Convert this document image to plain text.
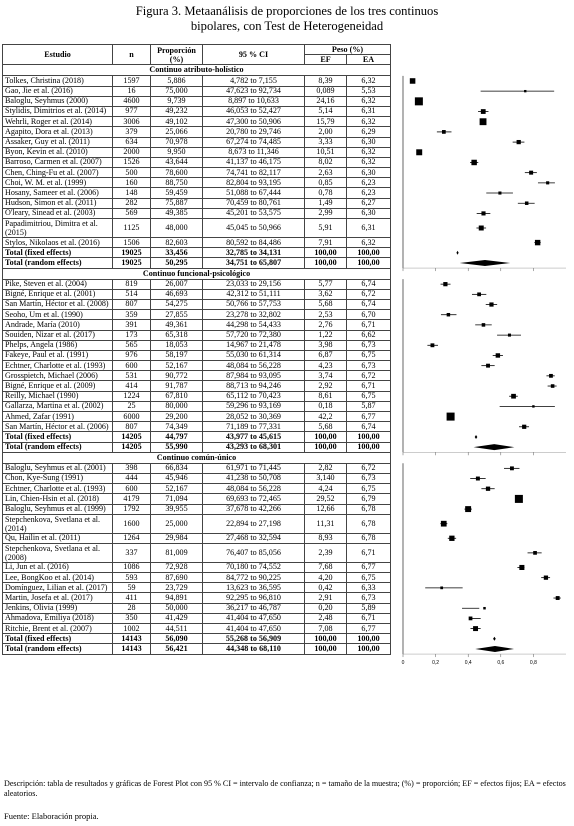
Figura 3. Metaanálisis de proporciones de los tres continuos
bipolares, con Test de Heterogeneidad
Estudio	n	Proporción (%)	95 % CI	Peso (%)	
				EF	EA
Continuo atributo-holístico					
Tolkes, Christina (2018)	1597	5,886	4,782 to 7,155	8,39	6,32
Gao, Jie et al. (2016)	16	75,000	47,623 to 92,734	0,089	5,53
Baloglu, Seyhmus (2000)	4600	9,739	8,897 to 10,633	24,16	6,32
Stylidis, Dimitrios et al. (2014)	977	49,232	46,053 to 52,427	5,14	6,31
Wehrli, Roger et al. (2014)	3006	49,102	47,300 to 50,906	15,79	6,32
Agapito, Dora et al. (2013)	379	25,066	20,780 to 29,746	2,00	6,29
Assaker, Guy et al. (2011)	634	70,978	67,274 to 74,485	3,33	6,30
Byon, Kevin et al. (2010)	2000	9,950	8,673 to 11,346	10,51	6,32
Barroso, Carmen et al. (2007)	1526	43,644	41,137 to 46,175	8,02	6,32
Chen, Ching-Fu et al. (2007)	500	78,600	74,741 to 82,117	2,63	6,30
Choi, W. M. et al. (1999)	160	88,750	82,804 to 93,195	0,85	6,23
Hosany, Sameer et al. (2006)	148	59,459	51,088 to 67,444	0,78	6,23
Hudson, Simon et al. (2011)	282	75,887	70,459 to 80,761	1,49	6,27
O'leary, Sinead et al. (2003)	569	49,385	45,201 to 53,575	2,99	6,30
Papadimitriou, Dimitra et al. (2015)	1125	48,000	45,045 to 50,966	5,91	6,31
Stylos, Nikolaos et al. (2016)	1506	82,603	80,592 to 84,486	7,91	6,32
Total (fixed effects)	19025	33,456	32,785 to 34,131	100,00	100,00
Total (random effects)	19025	50,295	34,751 to 65,807	100,00	100,00
Continuo funcional-psicológico					
Pike, Steven et al. (2004)	819	26,007	23,033 to 29,156	5,77	6,74
Bigné, Enrique et al. (2001)	514	46,693	42,312 to 51,111	3,62	6,72
San Martín, Héctor et al. (2008)	807	54,275	50,766 to 57,753	5,68	6,74
Seoho, Um et al. (1990)	359	27,855	23,278 to 32,802	2,53	6,70
Andrade, María (2010)	391	49,361	44,298 to 54,433	2,76	6,71
Souiden, Nizar et al. (2017)	173	65,318	57,720 to 72,380	1,22	6,62
Phelps, Angela (1986)	565	18,053	14,967 to 21,478	3,98	6,73
Fakeye, Paul et al. (1991)	976	58,197	55,030 to 61,314	6,87	6,75
Echtner, Charlotte et al. (1993)	600	52,167	48,084 to 56,228	4,23	6,73
Grosspietch, Michael (2006)	531	90,772	87,984 to 93,095	3,74	6,72
Bigné, Enrique et al. (2009)	414	91,787	88,713 to 94,246	2,92	6,71
Reilly, Michael (1990)	1224	67,810	65,112 to 70,423	8,61	6,75
Gallarza, Martina et al. (2002)	25	80,000	59,296 to 93,169	0,18	5,87
Ahmed, Zafar (1991)	6000	29,200	28,052 to 30,369	42,2	6,77
San Martín, Héctor et al. (2006)	807	74,349	71,189 to 77,331	5,68	6,74
Total (fixed effects)	14205	44,797	43,977 to 45,615	100,00	100,00
Total (random effects)	14205	55,990	43,293 to 68,301	100,00	100,00
Continuo común-único					
Baloglu, Seyhmus et al. (2001)	398	66,834	61,971 to 71,445	2,82	6,72
Chon, Kye-Sung (1991)	444	45,946	41,238 to 50,708	3,140	6,73
Echtner, Charlotte et al. (1993)	600	52,167	48,084 to 56,228	4,24	6,75
Lin, Chien-Hsin et al. (2018)	4179	71,094	69,693 to 72,465	29,52	6,79
Baloglu, Seyhmus et al. (1999)	1792	39,955	37,678 to 42,266	12,66	6,78
Stepchenkova, Svetlana et al. (2014)	1600	25,000	22,894 to 27,198	11,31	6,78
Qu, Hailin et al. (2011)	1264	29,984	27,468 to 32,594	8,93	6,78
Stepchenkova, Svetlana et al. (2008)	337	81,009	76,407 to 85,056	2,39	6,71
Li, Jun et al. (2016)	1086	72,928	70,180 to 74,552	7,68	6,77
Lee, BongKoo et al. (2014)	593	87,690	84,772 to 90,225	4,20	6,75
Domínguez, Lilian et al. (2017)	59	23,729	13,623 to 36,595	0,42	6,33
Martin, Josefa et al. (2017)	411	94,891	92,295 to 96,810	2,91	6,73
Jenkins, Olivia (1999)	28	50,000	36,217 to 46,787	0,20	5,89
Ahmadova, Emiliya (2018)	350	41,429	41,404 to 47,650	2,48	6,71
Ritchie, Brent et al. (2007)	1002	44,511	41,404 to 47,650	7,08	6,77
Total (fixed effects)	14143	56,090	55,268 to 56,909	100,00	100,00
Total (random effects)	14143	56,421	44,348 to 68,110	100,00	100,00
0	0,2	0,4	0,6	0,8
Descripción: tabla de resultados y gráficas de Forest Plot con 95 % CI = intervalo de confianza; n = tamaño de la muestra; (%) = proporción; EF = efectos fijos; EA = efectos aleatorios.
Fuente: Elaboración propia.
